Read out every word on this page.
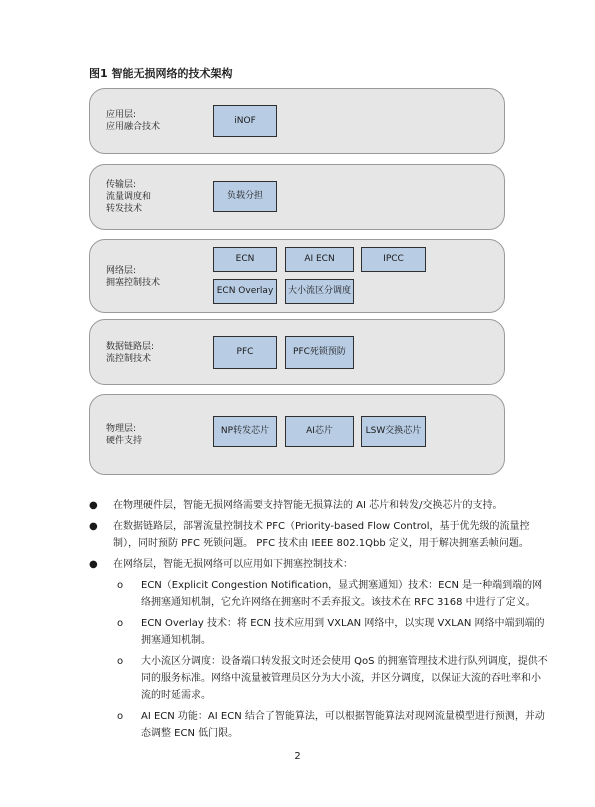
图1 智能无损网络的技术架构
应用层:
应用融合技术
iNOF
传输层:
流量调度和
转发技术
负载分担
网络层:
拥塞控制技术
ECN	AI ECN	IPCC
ECN Overlay	大小流区分调度
数据链路层:
流控制技术
PFC	PFC死锁预防
物理层:
硬件支持
NP转发芯片	AI芯片	LSW交换芯片
● 在物理硬件层，智能无损网络需要支持智能无损算法的 AI 芯片和转发/交换芯片的支持。
● 在数据链路层，部署流量控制技术 PFC（Priority-based Flow Control，基于优先级的流量控制），同时预防 PFC 死锁问题。 PFC 技术由 IEEE 802.1Qbb 定义，用于解决拥塞丢帧问题。
● 在网络层，智能无损网络可以应用如下拥塞控制技术：
o ECN（Explicit Congestion Notification，显式拥塞通知）技术：ECN 是一种端到端的网络拥塞通知机制，它允许网络在拥塞时不丢弃报文。该技术在 RFC 3168 中进行了定义。
o ECN Overlay 技术：将 ECN 技术应用到 VXLAN 网络中，以实现 VXLAN 网络中端到端的拥塞通知机制。
o 大小流区分调度：设备端口转发报文时还会使用 QoS 的拥塞管理技术进行队列调度，提供不同的服务标准。网络中流量被管理员区分为大小流，并区分调度，以保证大流的吞吐率和小流的时延需求。
o AI ECN 功能：AI ECN 结合了智能算法，可以根据智能算法对现网流量模型进行预测，并动态调整 ECN 低门限。
2
